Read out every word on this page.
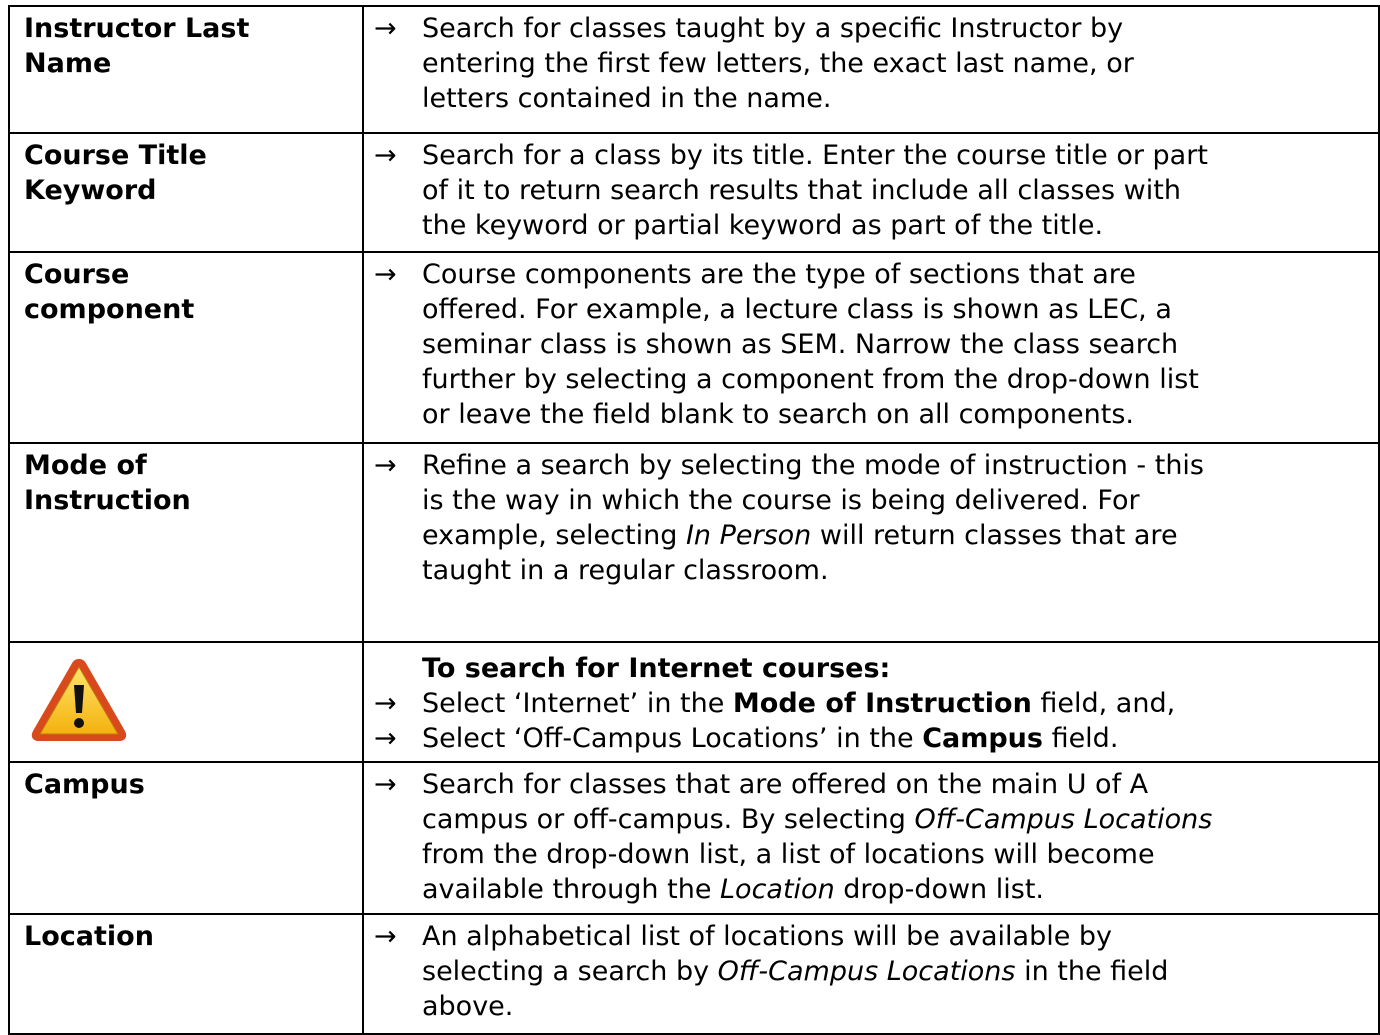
Instructor Last
Name	→ Search for classes taught by a specific Instructor by
entering the first few letters, the exact last name, or
letters contained in the name.

Course Title
Keyword	→ Search for a class by its title. Enter the course title or part
of it to return search results that include all classes with
the keyword or partial keyword as part of the title.

Course
component	→ Course components are the type of sections that are
offered. For example, a lecture class is shown as LEC, a
seminar class is shown as SEM. Narrow the class search
further by selecting a component from the drop-down list
or leave the field blank to search on all components.

Mode of
Instruction	→ Refine a search by selecting the mode of instruction - this
is the way in which the course is being delivered. For
example, selecting In Person will return classes that are
taught in a regular classroom.

To search for Internet courses:
→ Select ‘Internet’ in the Mode of Instruction field, and,
→ Select ‘Off-Campus Locations’ in the Campus field.

Campus	→ Search for classes that are offered on the main U of A
campus or off-campus. By selecting Off-Campus Locations
from the drop-down list, a list of locations will become
available through the Location drop-down list.

Location	→ An alphabetical list of locations will be available by
selecting a search by Off-Campus Locations in the field
above.
